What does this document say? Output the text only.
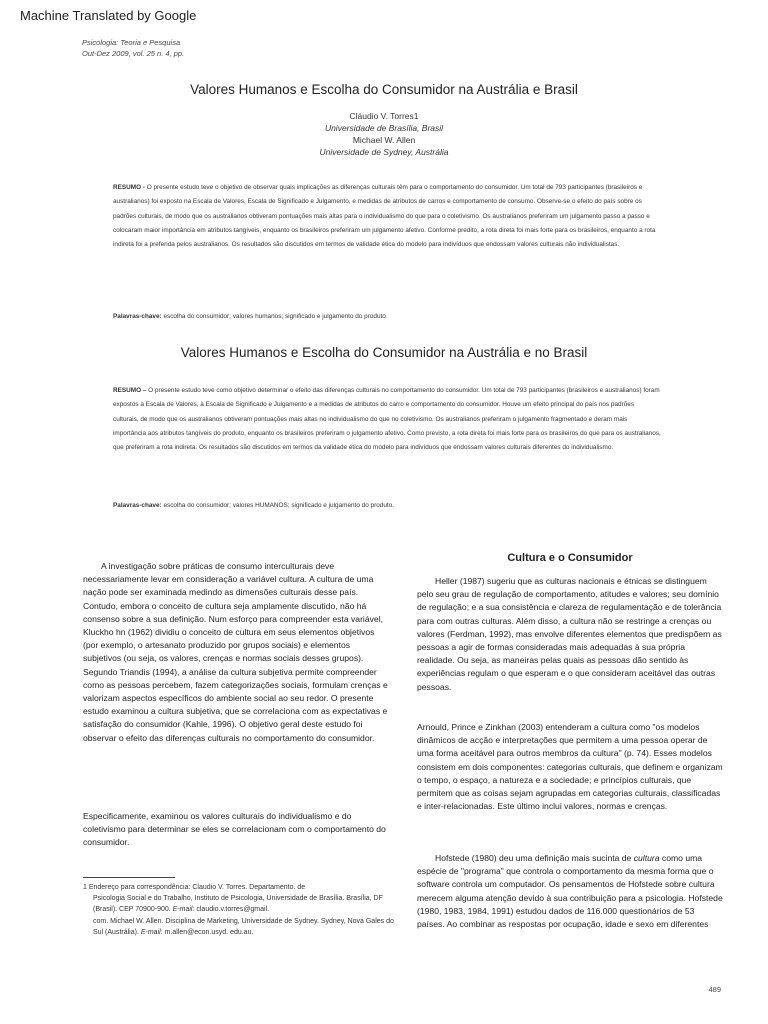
Machine Translated by Google
Psicologia: Teoria e Pesquisa
Out-Dez 2009, vol. 25 n. 4, pp.
Valores Humanos e Escolha do Consumidor na Austrália e Brasil
Cláudio V. Torres1
Universidade de Brasília, Brasil
Michael W. Allen
Universidade de Sydney, Austrália
RESUMO - O presente estudo teve o objetivo de observar quais implicações as diferenças culturais têm para o comportamento do consumidor. Um total de 793 participantes (brasileiros e australianos) foi exposto na Escala de Valores, Escala de Significado e Julgamento, e medidas de atributos de carros e comportamento de consumo. Observe-se o efeito do país sobre os padrões culturais, de modo que os australianos obtiveram pontuações mais altas para o individualismo do que para o coletivismo. Os australianos preferiram um julgamento passo a passo e colocaram maior importância em atributos tangíveis, enquanto os brasileiros preferiram um julgamento afetivo. Conforme predito, a rota direta foi mais forte para os brasileiros, enquanto a rota indireta foi a preferida pelos australianos. Os resultados são discutidos em termos de validade ética do modelo para indivíduos que endossam valores culturais não individualistas.
Palavras-chave: escolha do consumidor; valores humanos; significado e julgamento do produto.
Valores Humanos e Escolha do Consumidor na Austrália e no Brasil
RESUMO – O presente estudo teve como objetivo determinar o efeito das diferenças culturais no comportamento do consumidor. Um total de 793 participantes (brasileiros e australianos) foram expostos à Escala de Valores, à Escala de Significado e Julgamento e a medidas de atributos do carro e comportamento do consumidor. Houve um efeito principal do país nos padrões culturais, de modo que os australianos obtiveram pontuações mais altas no individualismo do que no coletivismo. Os australianos preferiram o julgamento fragmentado e deram mais importância aos atributos tangíveis do produto, enquanto os brasileiros preferiram o julgamento afetivo. Como previsto, a rota direta foi mais forte para os brasileiros do que para os australianos, que preferiram a rota indireta. Os resultados são discutidos em termos da validade ética do modelo para indivíduos que endossam valores culturais diferentes do individualismo.
Palavras-chave: escolha do consumidor; valores HUMANOS; significado e julgamento do produto.

A investigação sobre práticas de consumo interculturais deve necessariamente levar em consideração a variável cultura. A cultura de uma nação pode ser examinada medindo as dimensões culturais desse país. Contudo, embora o conceito de cultura seja amplamente discutido, não há consenso sobre a sua definição. Num esforço para compreender esta variável, Kluckho hn (1962) dividiu o conceito de cultura em seus elementos objetivos (por exemplo, o artesanato produzido por grupos sociais) e elementos subjetivos (ou seja, os valores, crenças e normas sociais desses grupos). Segundo Triandis (1994), a análise da cultura subjetiva permite compreender como as pessoas percebem, fazem categorizações sociais, formulam crenças e valorizam aspectos específicos do ambiente social ao seu redor. O presente estudo examinou a cultura subjetiva, que se correlaciona com as expectativas e satisfação do consumidor (Kahle, 1996). O objetivo geral deste estudo foi observar o efeito das diferenças culturais no comportamento do consumidor.

Especificamente, examinou os valores culturais do individualismo e do coletivismo para determinar se eles se correlacionam com o comportamento do consumidor.

Cultura e o Consumidor

Heller (1987) sugeriu que as culturas nacionais e étnicas se distinguem pelo seu grau de regulação de comportamento, atitudes e valores; seu domínio de regulação; e a sua consistência e clareza de regulamentação e de tolerância para com outras culturas. Além disso, a cultura não se restringe a crenças ou valores (Ferdman, 1992), mas envolve diferentes elementos que predispõem as pessoas a agir de formas consideradas mais adequadas à sua própria realidade. Ou seja, as maneiras pelas quais as pessoas dão sentido às experiências regulam o que esperam e o que consideram aceitável das outras pessoas.

Arnould, Prince e Zinkhan (2003) entenderam a cultura como "os modelos dinâmicos de acção e interpretações que permitem a uma pessoa operar de uma forma aceitável para outros membros da cultura" (p. 74). Esses modelos consistem em dois componentes: categorias culturais, que definem e organizam o tempo, o espaço, a natureza e a sociedade; e princípios culturais, que permitem que as coisas sejam agrupadas em categorias culturais, classificadas e inter-relacionadas. Este último inclui valores, normas e crenças.

Hofstede (1980) deu uma definição mais sucinta de cultura como uma espécie de "programa" que controla o comportamento da mesma forma que o software controla um computador. Os pensamentos de Hofstede sobre cultura merecem alguma atenção devido à sua contribuição para a psicologia. Hofstede (1980, 1983, 1984, 1991) estudou dados de 116.000 questionários de 53 países. Ao combinar as respostas por ocupação, idade e sexo em diferentes

1 Endereço para correspondência: Claudio V. Torres. Departamento. de
Psicologia Social e do Trabalho, Instituto de Psicologia, Universidade de Brasília. Brasília, DF (Brasil). CEP 70900-900. E-mail: claudio.v.torres@gmail.
com. Michael W. Allen. Disciplina de Marketing, Universidade de Sydney. Sydney, Nova Gales do Sul (Austrália). E-mail: m.allen@econ.usyd. edu.au.
489
